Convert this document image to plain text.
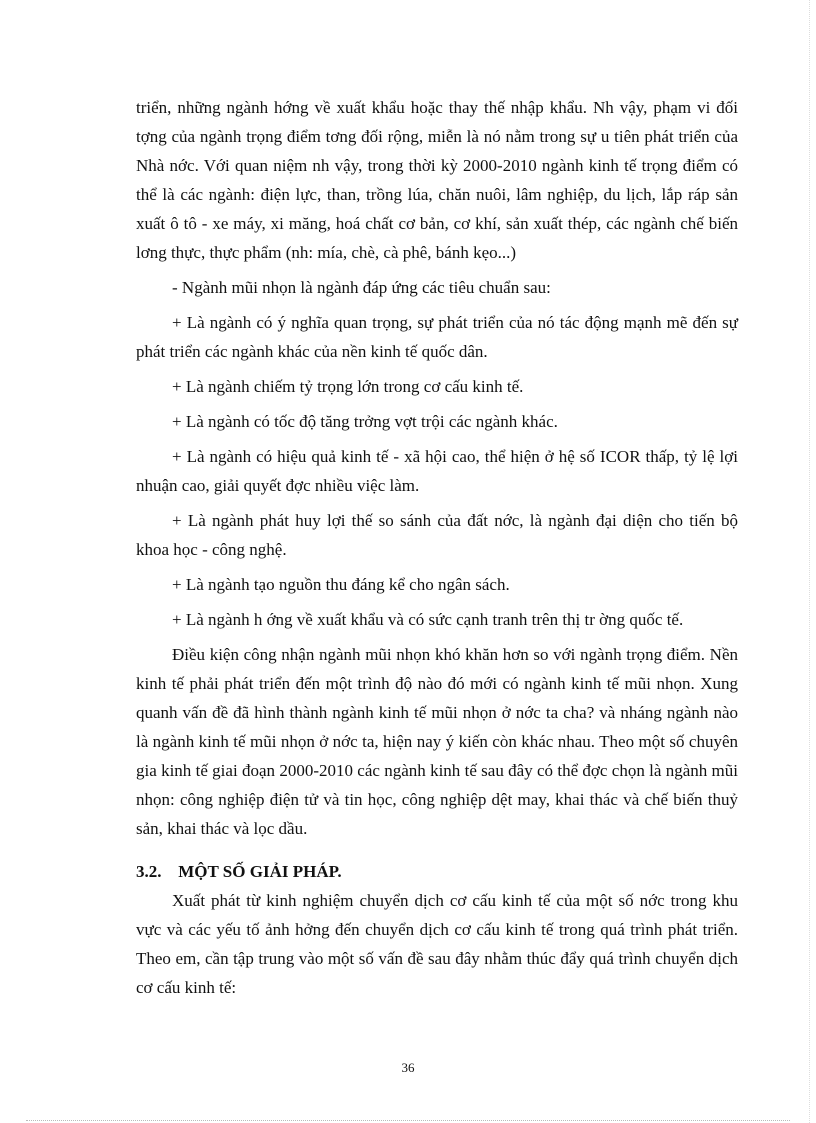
triển, những ngành hớng về xuất khẩu hoặc thay thế nhập khẩu. Nh vậy, phạm vi đối tợng của ngành trọng điểm tơng đối rộng, miễn là nó nằm trong sự u tiên phát triển của Nhà nớc. Với quan niệm nh vậy, trong thời kỳ 2000-2010 ngành kinh tế trọng điểm có thể là các ngành: điện lực, than, trồng lúa, chăn nuôi, lâm nghiệp, du lịch, lắp ráp sản xuất ô tô - xe máy, xi măng, hoá chất cơ bản, cơ khí, sản xuất thép, các ngành chế biến lơng thực, thực phẩm (nh: mía, chè, cà phê, bánh kẹo...)

- Ngành mũi nhọn là ngành đáp ứng các tiêu chuẩn sau:

+ Là ngành có ý nghĩa quan trọng, sự phát triển của nó tác động mạnh mẽ đến sự phát triển các ngành khác của nền kinh tế quốc dân.

+ Là ngành chiếm tỷ trọng lớn trong cơ cấu kinh tế.

+ Là ngành có tốc độ tăng trởng vợt trội các ngành khác.

+ Là ngành có hiệu quả kinh tế - xã hội cao, thể hiện ở hệ số ICOR thấp, tỷ lệ lợi nhuận cao, giải quyết đợc nhiều việc làm.

+ Là ngành phát huy lợi thế so sánh của đất nớc, là ngành đại diện cho tiến bộ khoa học - công nghệ.

+ Là ngành tạo nguồn thu đáng kể cho ngân sách.

+ Là ngành h ớng về xuất khẩu và có sức cạnh tranh trên thị tr ờng quốc tế.

Điều kiện công nhận ngành mũi nhọn khó khăn hơn so với ngành trọng điểm. Nền kinh tế phải phát triển đến một trình độ nào đó mới có ngành kinh tế mũi nhọn. Xung quanh vấn đề đã hình thành ngành kinh tế mũi nhọn ở nớc ta cha? và nháng ngành nào là ngành kinh tế mũi nhọn ở nớc ta, hiện nay ý kiến còn khác nhau. Theo một số chuyên gia kinh tế giai đoạn 2000-2010 các ngành kinh tế sau đây có thể đợc chọn là ngành mũi nhọn: công nghiệp điện tử và tin học, công nghiệp dệt may, khai thác và chế biến thuỷ sản, khai thác và lọc dầu.

3.2. MỘT SỐ GIẢI PHÁP.

Xuất phát từ kinh nghiệm chuyển dịch cơ cấu kinh tế của một số nớc trong khu vực và các yếu tố ảnh hởng đến chuyển dịch cơ cấu kinh tế trong quá trình phát triển. Theo em, cần tập trung vào một số vấn đề sau đây nhằm thúc đẩy quá trình chuyển dịch cơ cấu kinh tế:

36
